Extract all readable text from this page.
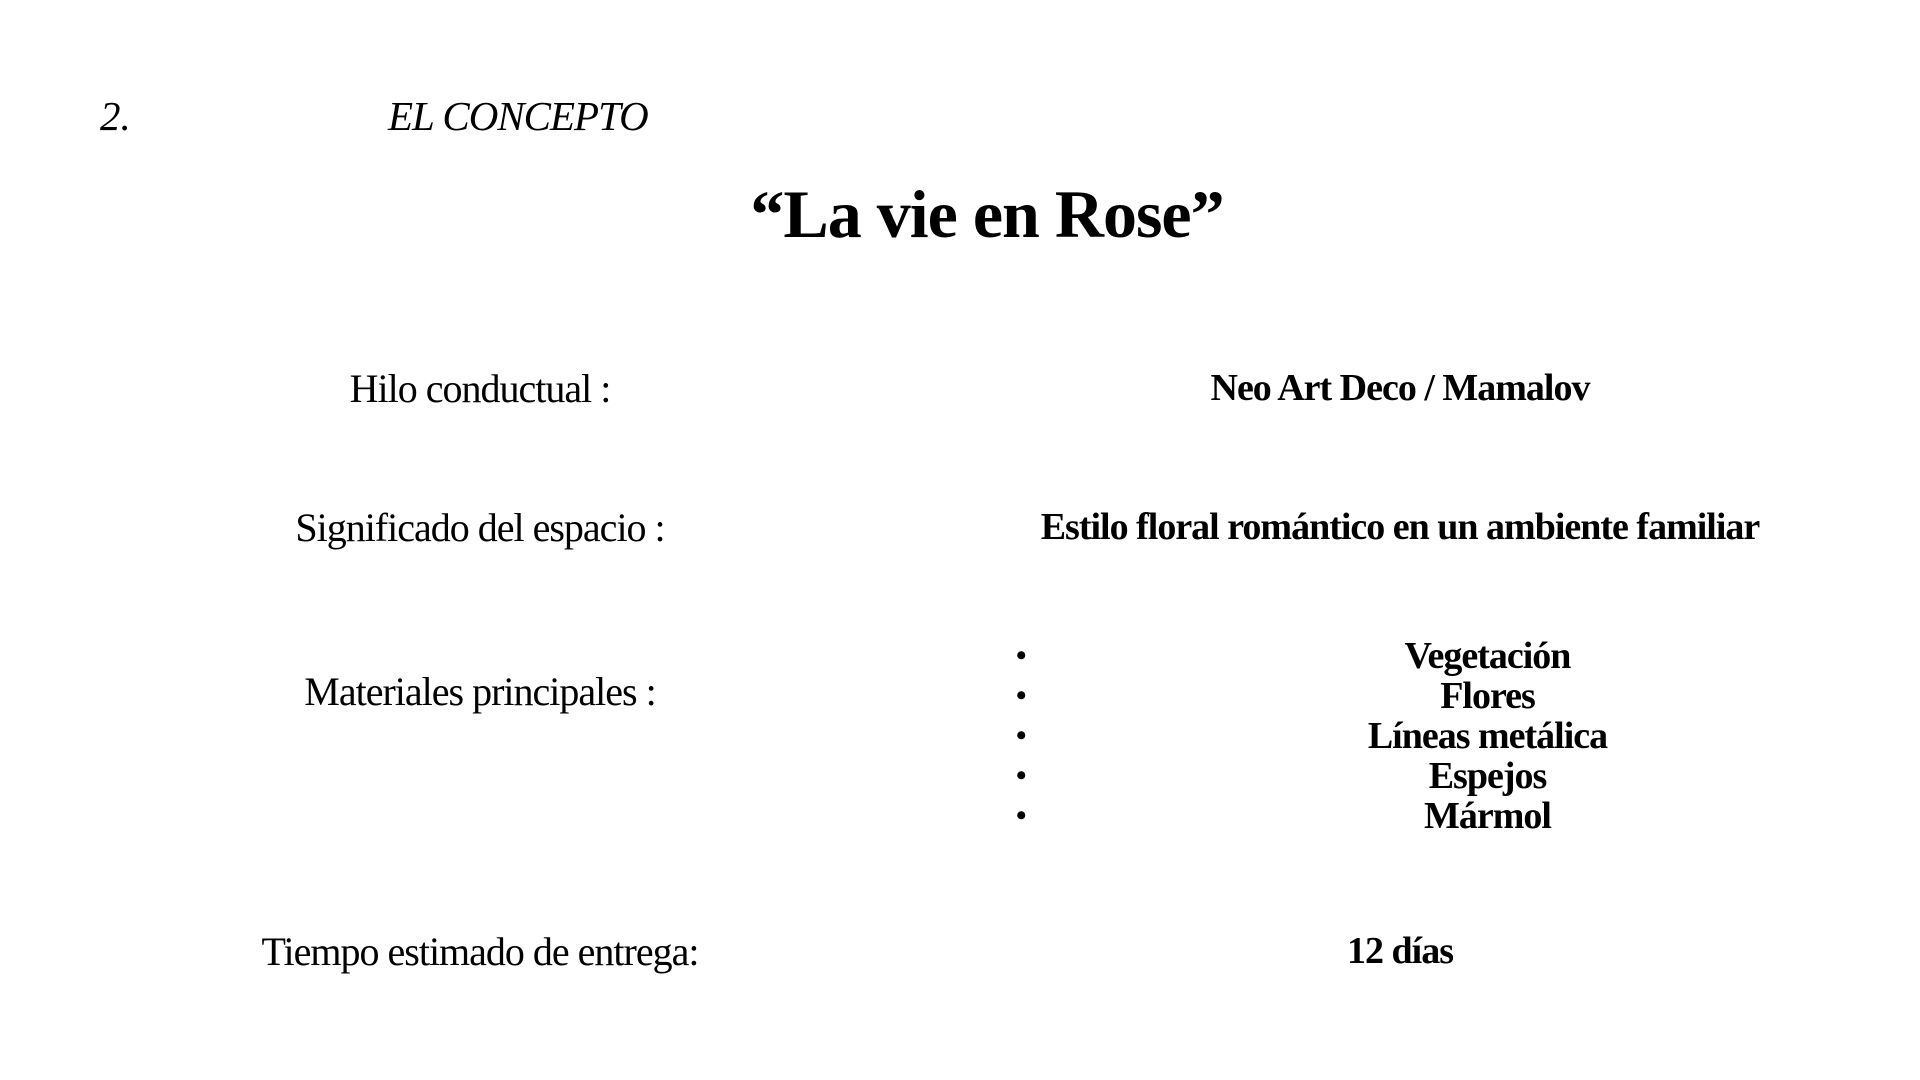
2.	EL CONCEPTO
“La vie en Rose”
Hilo conductual :	Neo Art Deco / Mamalov
Significado del espacio :	Estilo floral romántico en un ambiente familiar
Materiales principales :
•	Vegetación
•	Flores
•	Líneas metálica
•	Espejos
•	Mármol
Tiempo estimado de entrega:	12 días
